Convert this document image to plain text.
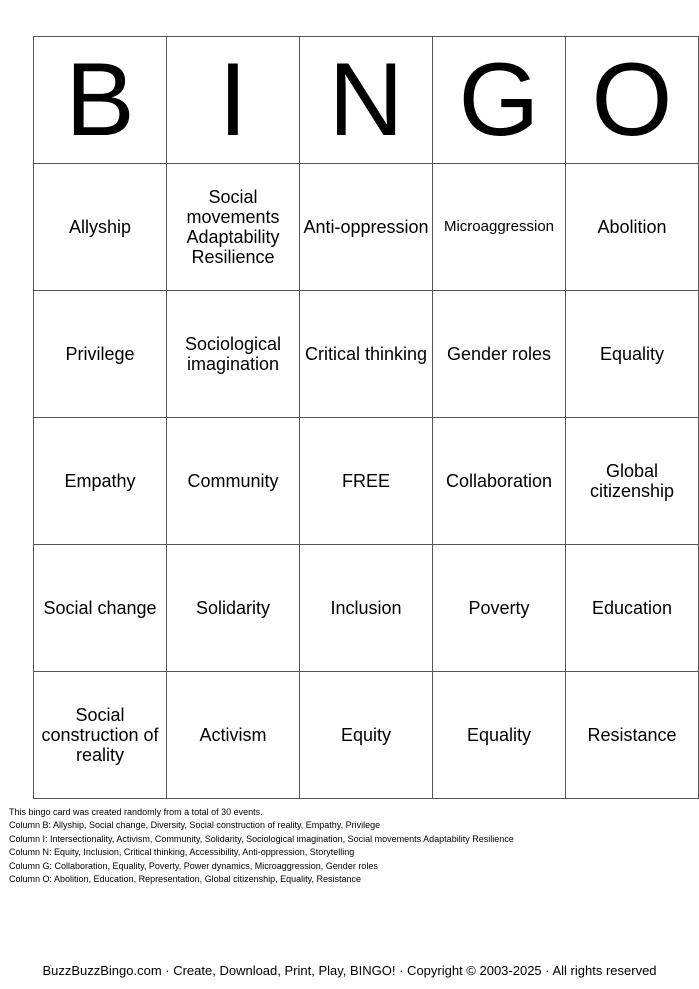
B	I	N	G	O
Allyship	Social movements Adaptability Resilience	Anti-oppression	Microaggression	Abolition
Privilege	Sociological imagination	Critical thinking	Gender roles	Equality
Empathy	Community	FREE	Collaboration	Global citizenship
Social change	Solidarity	Inclusion	Poverty	Education
Social construction of reality	Activism	Equity	Equality	Resistance
This bingo card was created randomly from a total of 30 events.
Column B: Allyship, Social change, Diversity, Social construction of reality, Empathy, Privilege
Column I: Intersectionality, Activism, Community, Solidarity, Sociological imagination, Social movements Adaptability Resilience
Column N: Equity, Inclusion, Critical thinking, Accessibility, Anti-oppression, Storytelling
Column G: Collaboration, Equality, Poverty, Power dynamics, Microaggression, Gender roles
Column O: Abolition, Education, Representation, Global citizenship, Equality, Resistance
BuzzBuzzBingo.com · Create, Download, Print, Play, BINGO! · Copyright © 2003-2025 · All rights reserved
